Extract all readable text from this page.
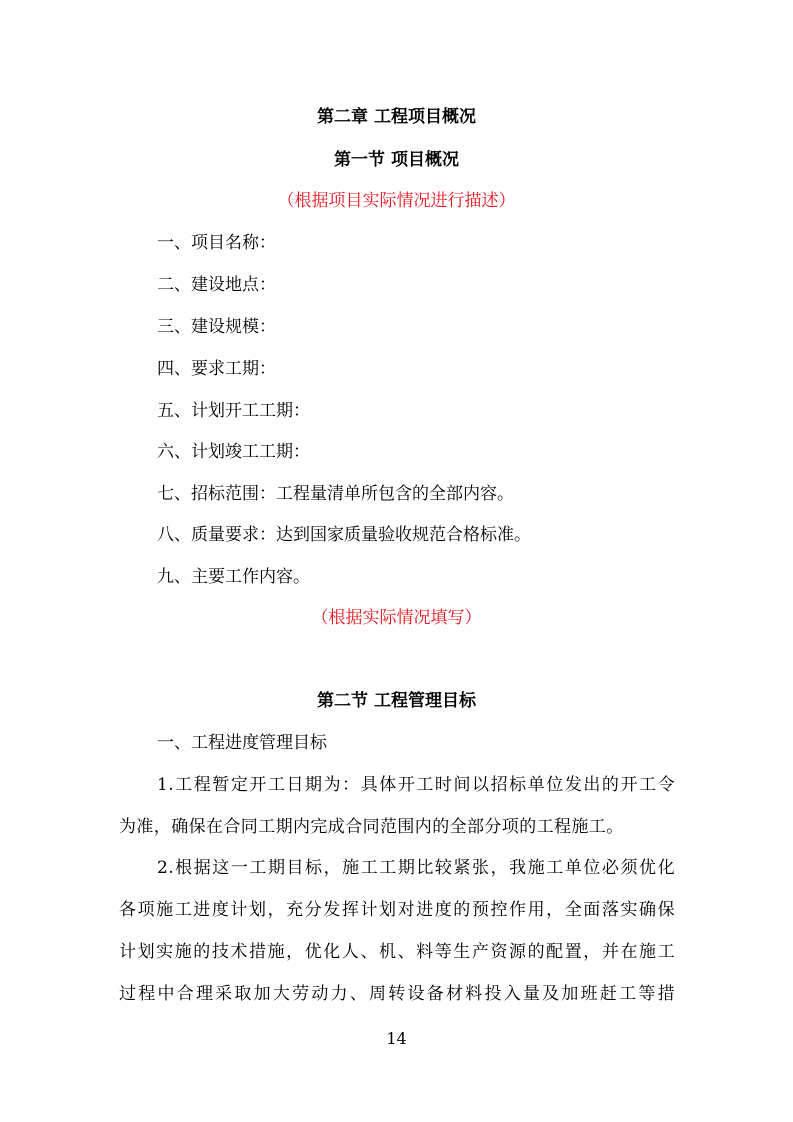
第二章 工程项目概况
第一节 项目概况
（根据项目实际情况进行描述）
一、项目名称：
二、建设地点：
三、建设规模：
四、要求工期：
五、计划开工工期：
六、计划竣工工期：
七、招标范围：工程量清单所包含的全部内容。
八、质量要求：达到国家质量验收规范合格标准。
九、主要工作内容。
（根据实际情况填写）
第二节 工程管理目标
一、工程进度管理目标
1.工程暂定开工日期为：具体开工时间以招标单位发出的开工令
为准，确保在合同工期内完成合同范围内的全部分项的工程施工。
2.根据这一工期目标，施工工期比较紧张，我施工单位必须优化
各项施工进度计划，充分发挥计划对进度的预控作用，全面落实确保
计划实施的技术措施，优化人、机、料等生产资源的配置，并在施工
过程中合理采取加大劳动力、周转设备材料投入量及加班赶工等措
14
